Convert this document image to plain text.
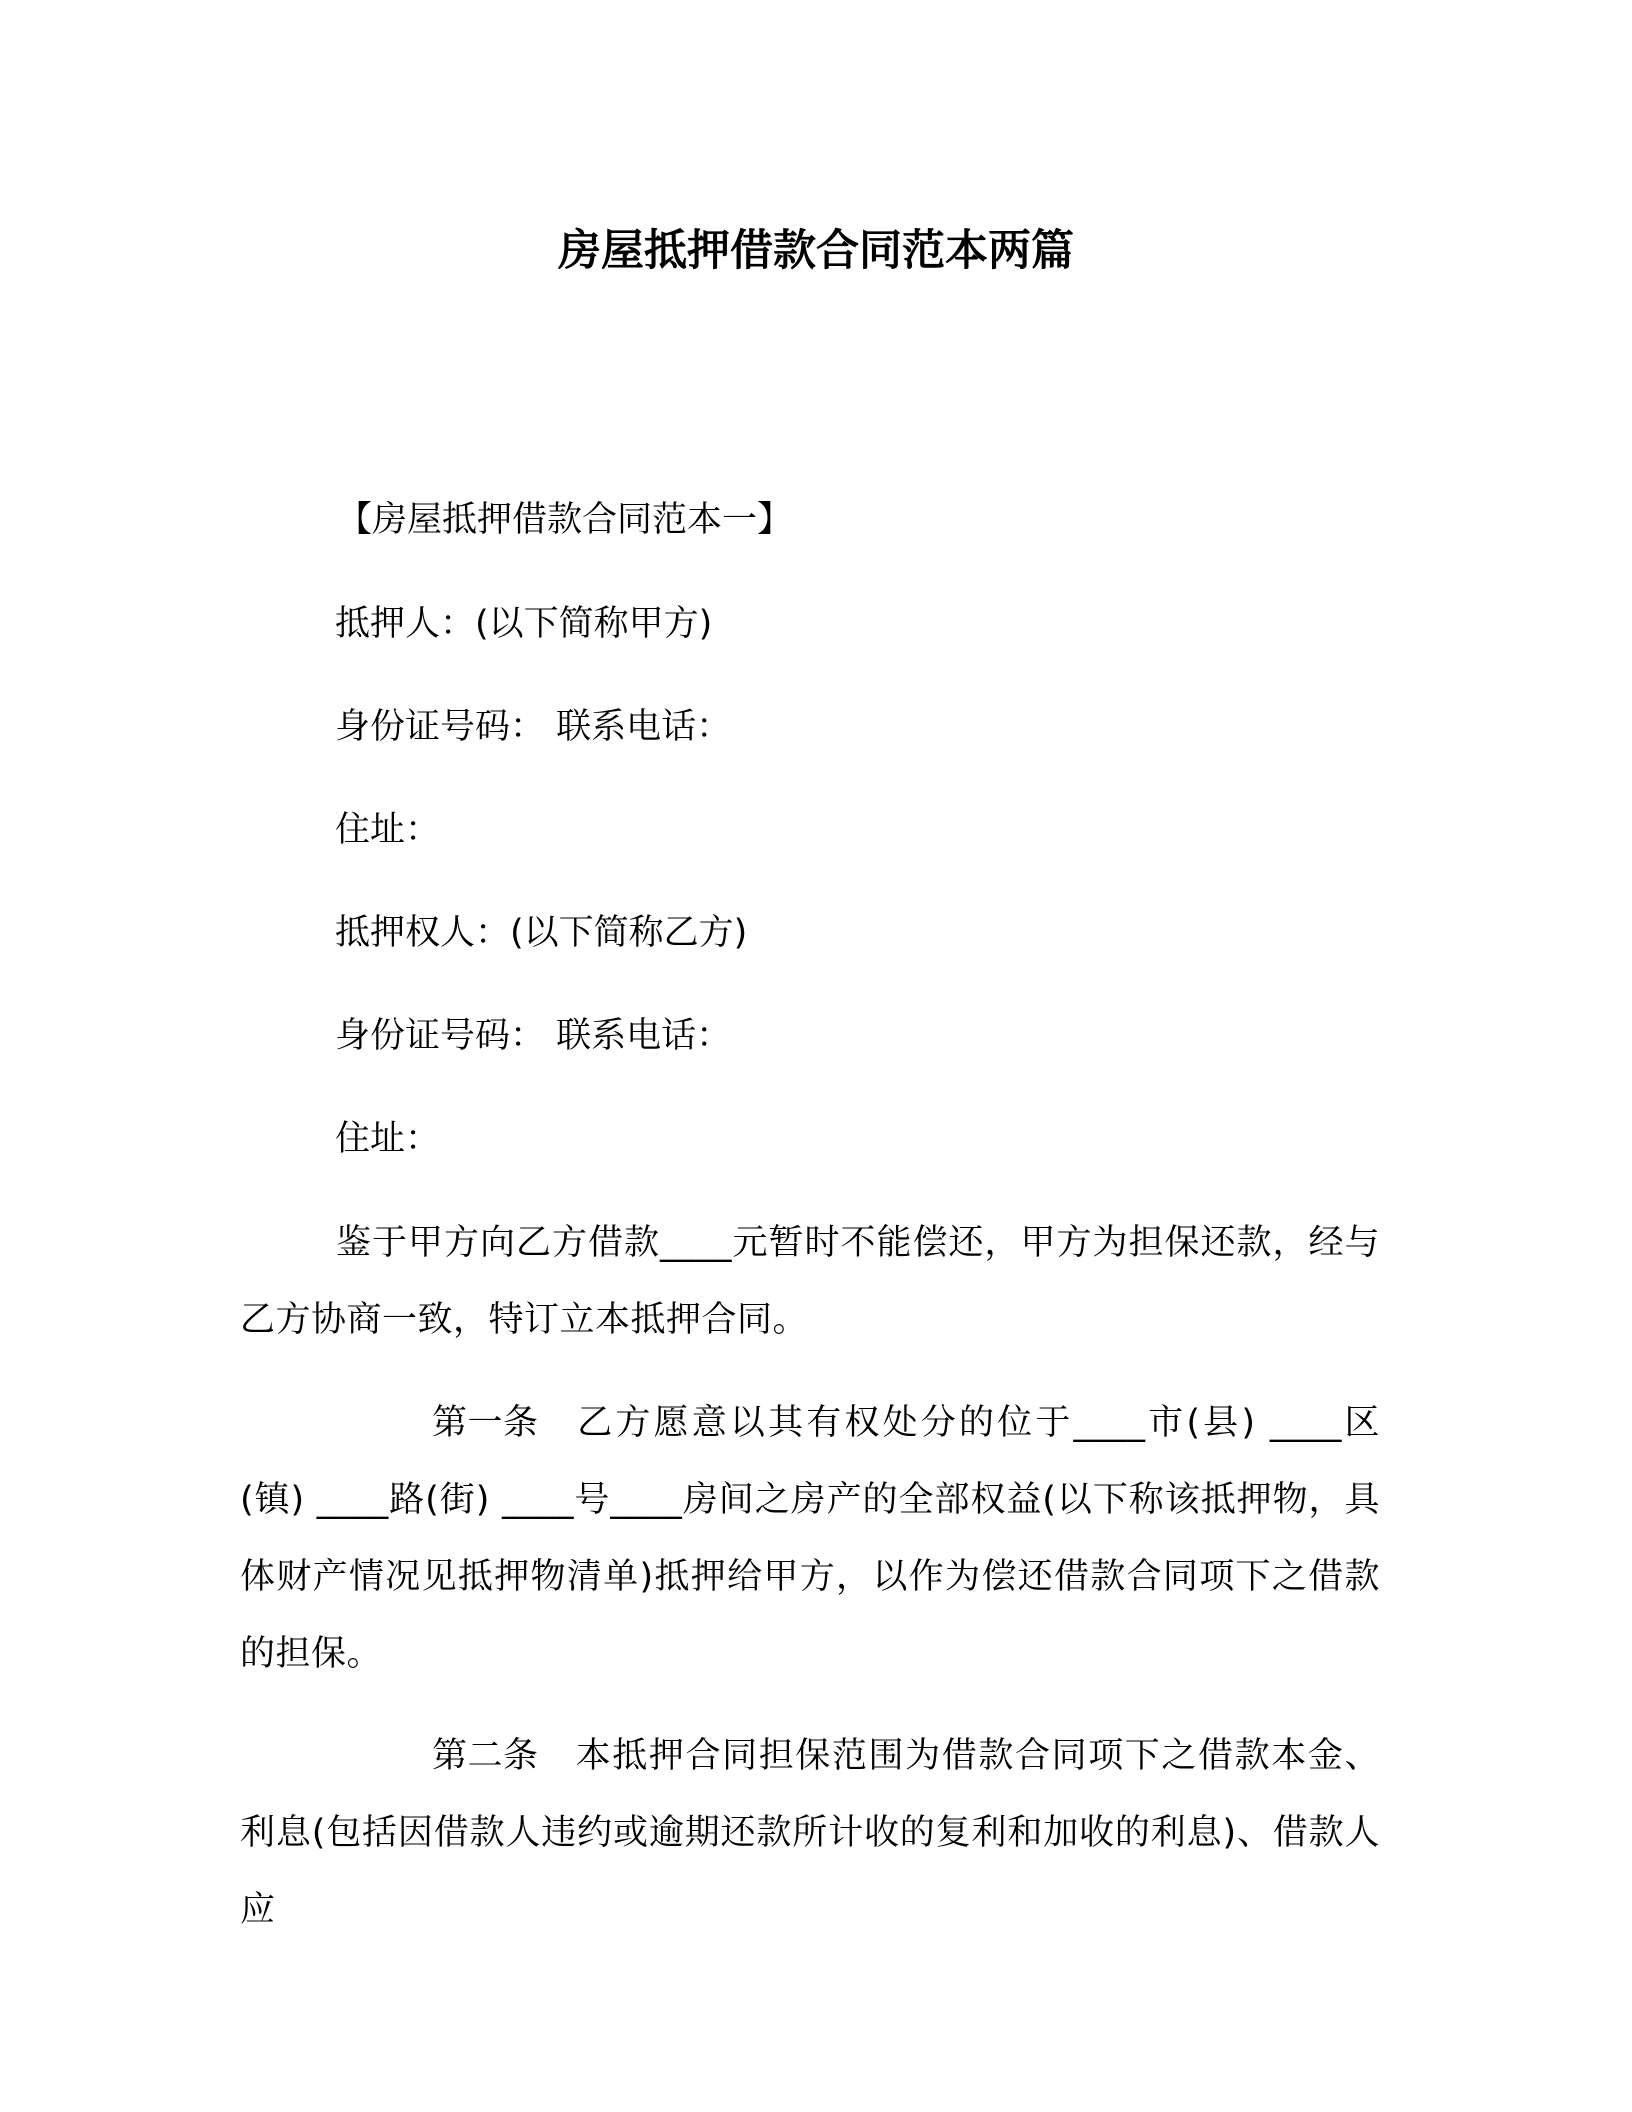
房屋抵押借款合同范本两篇
【房屋抵押借款合同范本一】
抵押人：(以下简称甲方)
身份证号码： 联系电话：
住址：
抵押权人：(以下简称乙方)
身份证号码： 联系电话：
住址：
鉴于甲方向乙方借款____元暂时不能偿还，甲方为担保还款，经与乙方协商一致，特订立本抵押合同。
第一条 乙方愿意以其有权处分的位于____市(县) ____区(镇) ____路(街) ____号____房间之房产的全部权益(以下称该抵押物，具体财产情况见抵押物清单)抵押给甲方，以作为偿还借款合同项下之借款的担保。
第二条 本抵押合同担保范围为借款合同项下之借款本金、利息(包括因借款人违约或逾期还款所计收的复利和加收的利息)、借款人应
